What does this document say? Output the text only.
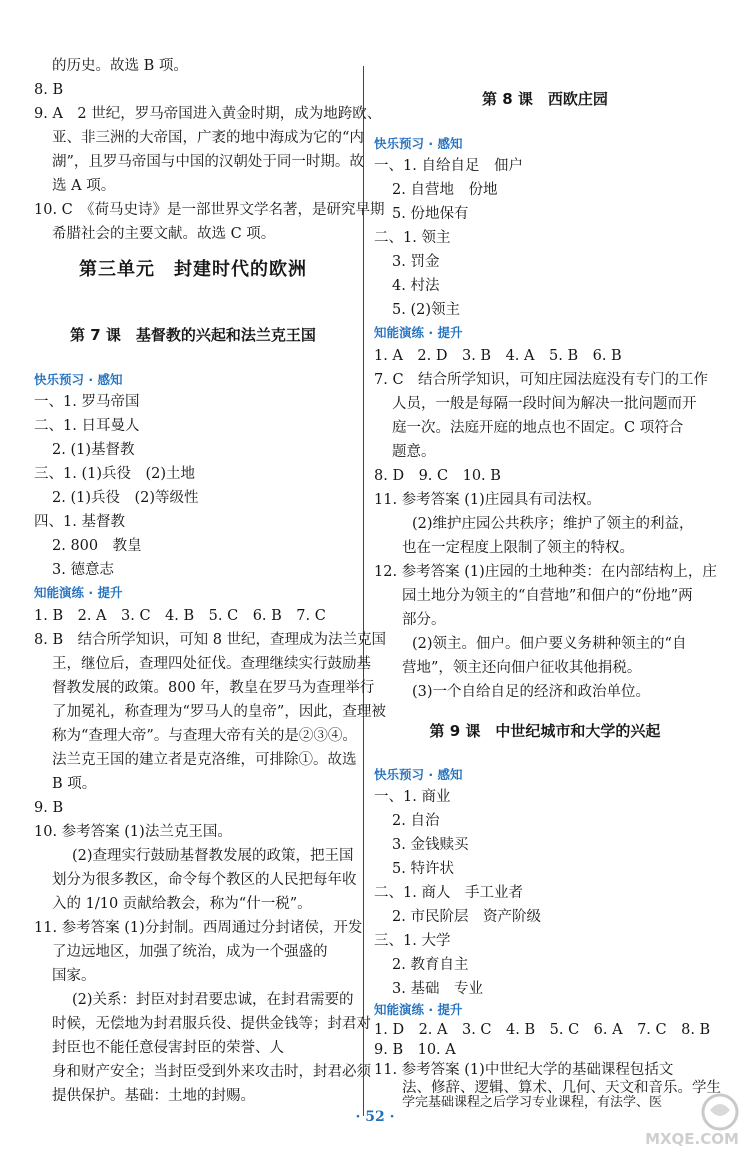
的历史。故选 B 项。
8. B
9. A　2 世纪，罗马帝国进入黄金时期，成为地跨欧、
亚、非三洲的大帝国，广袤的地中海成为它的“内
湖”，且罗马帝国与中国的汉朝处于同一时期。故
选 A 项。
10. C　《荷马史诗》是一部世界文学名著，是研究早期
希腊社会的主要文献。故选 C 项。
第三单元　封建时代的欧洲
第 7 课　基督教的兴起和法兰克王国
快乐预习 · 感知
一、1. 罗马帝国
二、1. 日耳曼人
2. (1)基督教
三、1. (1)兵役　(2)土地
2. (1)兵役　(2)等级性
四、1. 基督教
2. 800　教皇
3. 德意志
知能演练 · 提升
1. B　2. A　3. C　4. B　5. C　6. B　7. C
8. B　结合所学知识，可知 8 世纪，查理成为法兰克国
王，继位后，查理四处征伐。查理继续实行鼓励基
督教发展的政策。800 年，教皇在罗马为查理举行
了加冕礼，称查理为“罗马人的皇帝”，因此，查理被
称为“查理大帝”。与查理大帝有关的是②③④。
法兰克王国的建立者是克洛维，可排除①。故选
B 项。
9. B
10. 参考答案 (1)法兰克王国。
(2)查理实行鼓励基督教发展的政策，把王国
划分为很多教区，命令每个教区的人民把每年收
入的 1/10 贡献给教会，称为“什一税”。
11. 参考答案 (1)分封制。西周通过分封诸侯，开发
了边远地区，加强了统治，成为一个强盛的
国家。
(2)关系：封臣对封君要忠诚，在封君需要的
时候，无偿地为封君服兵役、提供金钱等；封君对
封臣也不能任意侵害封臣的荣誉、人
身和财产安全；当封臣受到外来攻击时，封君必须
提供保护。基础：土地的封赐。
第 8 课　西欧庄园
快乐预习 · 感知
一、1. 自给自足　佃户
2. 自营地　份地
5. 份地保有
二、1. 领主
3. 罚金
4. 村法
5. (2)领主
知能演练 · 提升
1. A　2. D　3. B　4. A　5. B　6. B
7. C　结合所学知识，可知庄园法庭没有专门的工作
人员，一般是每隔一段时间为解决一批问题而开
庭一次。法庭开庭的地点也不固定。C 项符合
题意。
8. D　9. C　10. B
11. 参考答案 (1)庄园具有司法权。
(2)维护庄园公共秩序；维护了领主的利益，
也在一定程度上限制了领主的特权。
12. 参考答案 (1)庄园的土地种类：在内部结构上，庄
园土地分为领主的“自营地”和佃户的“份地”两
部分。
(2)领主。佃户。佃户要义务耕种领主的“自
营地”，领主还向佃户征收其他捐税。
(3)一个自给自足的经济和政治单位。
第 9 课　中世纪城市和大学的兴起
快乐预习 · 感知
一、1. 商业
2. 自治
3. 金钱赎买
5. 特许状
二、1. 商人　手工业者
2. 市民阶层　资产阶级
三、1. 大学
2. 教育自主
3. 基础　专业
知能演练 · 提升
1. D　2. A　3. C　4. B　5. C　6. A　7. C　8. B
9. B　10. A
11. 参考答案 (1)中世纪大学的基础课程包括文
法、修辞、逻辑、算术、几何、天文和音乐。学生
学完基础课程之后学习专业课程，有法学、医
· 52 ·
MXQE.COM
